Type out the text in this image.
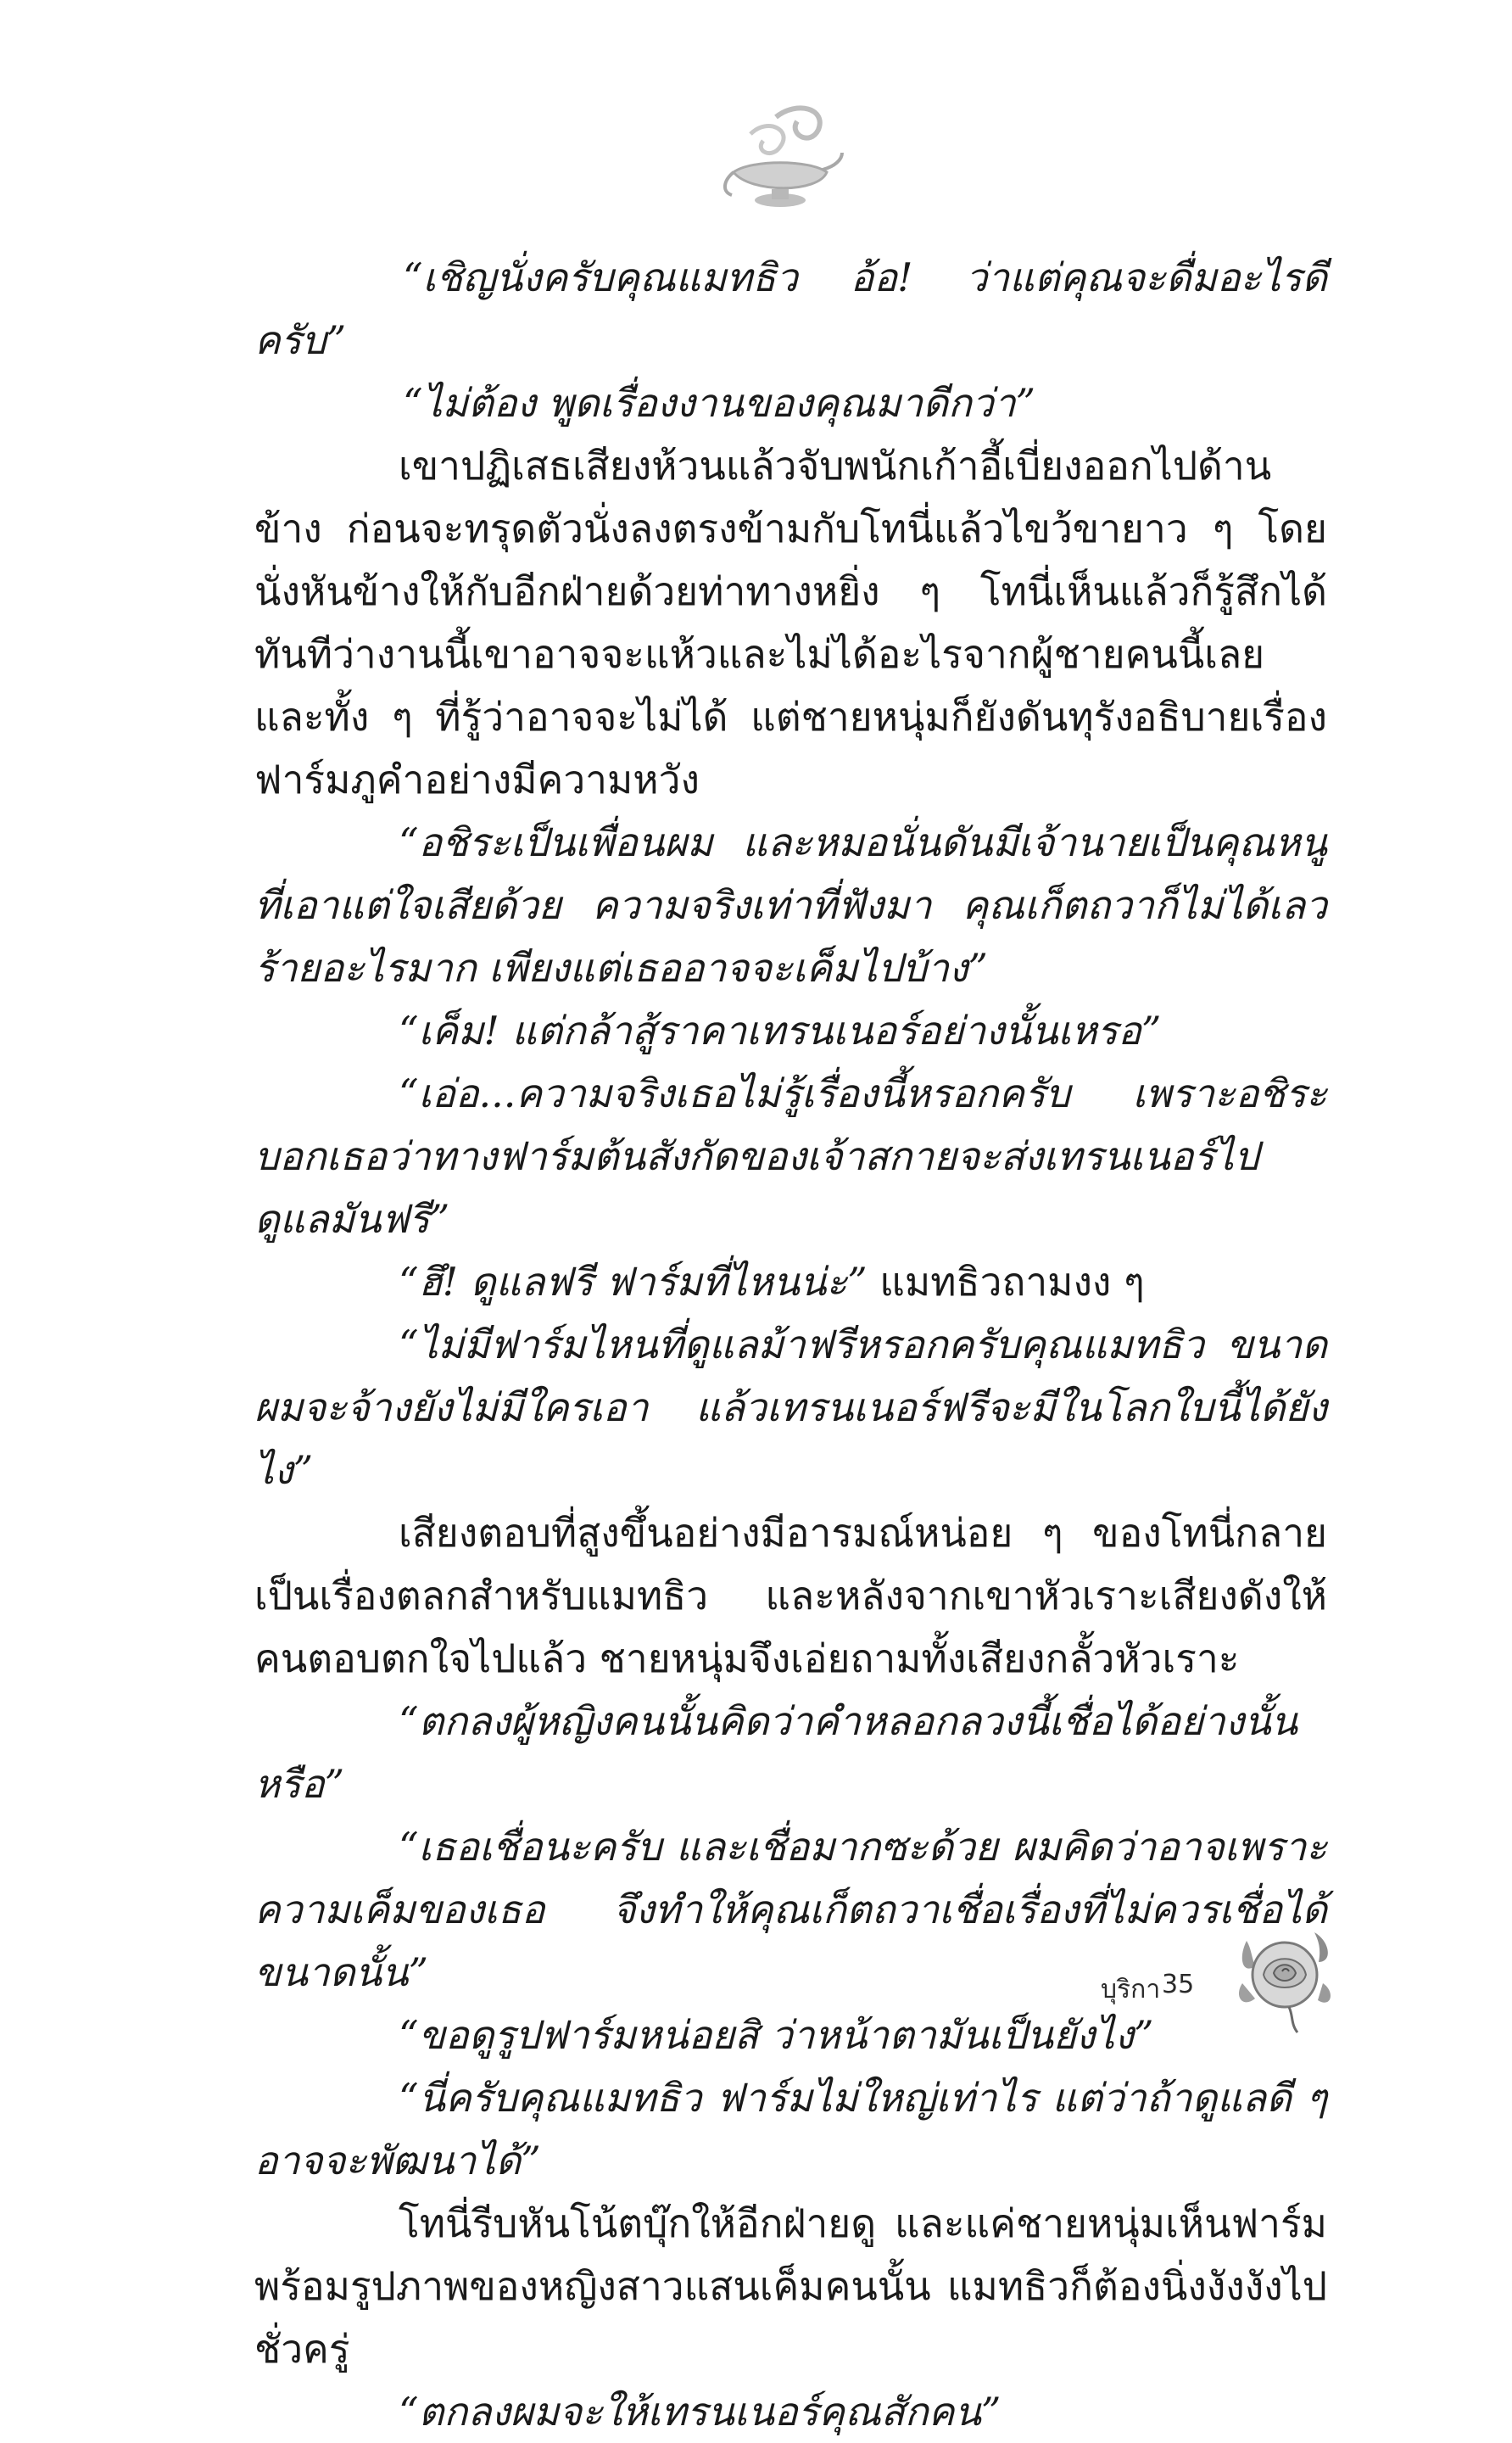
“เชิญนั่งครับคุณแมทธิว อ้อ! ว่าแต่คุณจะดื่มอะไรดีครับ”

“ไม่ต้อง พูดเรื่องงานของคุณมาดีกว่า”

เขาปฏิเสธเสียงห้วนแล้วจับพนักเก้าอี้เบี่ยงออกไปด้านข้าง ก่อนจะทรุดตัวนั่งลงตรงข้ามกับโทนี่แล้วไขว้ขายาว ๆ โดยนั่งหันข้างให้กับอีกฝ่ายด้วยท่าทางหยิ่ง ๆ โทนี่เห็นแล้วก็รู้สึกได้ทันทีว่างานนี้เขาอาจจะแห้วและไม่ได้อะไรจากผู้ชายคนนี้เลย และทั้ง ๆ ที่รู้ว่าอาจจะไม่ได้ แต่ชายหนุ่มก็ยังดันทุรังอธิบายเรื่องฟาร์มภูคำอย่างมีความหวัง

“อชิระเป็นเพื่อนผม และหมอนั่นดันมีเจ้านายเป็นคุณหนูที่เอาแต่ใจเสียด้วย ความจริงเท่าที่ฟังมา คุณเก็ตถวาก็ไม่ได้เลวร้ายอะไรมาก เพียงแต่เธออาจจะเค็มไปบ้าง”

“เค็ม! แต่กล้าสู้ราคาเทรนเนอร์อย่างนั้นเหรอ”

“เอ่อ...ความจริงเธอไม่รู้เรื่องนี้หรอกครับ เพราะอชิระบอกเธอว่าทางฟาร์มต้นสังกัดของเจ้าสกายจะส่งเทรนเนอร์ไปดูแลมันฟรี”

“ฮึ! ดูแลฟรี ฟาร์มที่ไหนน่ะ” แมทธิวถามงง ๆ

“ไม่มีฟาร์มไหนที่ดูแลม้าฟรีหรอกครับคุณแมทธิว ขนาดผมจะจ้างยังไม่มีใครเอา แล้วเทรนเนอร์ฟรีจะมีในโลกใบนี้ได้ยังไง”

เสียงตอบที่สูงขึ้นอย่างมีอารมณ์หน่อย ๆ ของโทนี่กลายเป็นเรื่องตลกสำหรับแมทธิว และหลังจากเขาหัวเราะเสียงดังให้คนตอบตกใจไปแล้ว ชายหนุ่มจึงเอ่ยถามทั้งเสียงกลั้วหัวเราะ

“ตกลงผู้หญิงคนนั้นคิดว่าคำหลอกลวงนี้เชื่อได้อย่างนั้นหรือ”

“เธอเชื่อนะครับ และเชื่อมากซะด้วย ผมคิดว่าอาจเพราะความเค็มของเธอ จึงทำให้คุณเก็ตถวาเชื่อเรื่องที่ไม่ควรเชื่อได้ขนาดนั้น”

“ขอดูรูปฟาร์มหน่อยสิ ว่าหน้าตามันเป็นยังไง”

“นี่ครับคุณแมทธิว ฟาร์มไม่ใหญ่เท่าไร แต่ว่าถ้าดูแลดี ๆ อาจจะพัฒนาได้”

โทนี่รีบหันโน้ตบุ๊กให้อีกฝ่ายดู และแค่ชายหนุ่มเห็นฟาร์มพร้อมรูปภาพของหญิงสาวแสนเค็มคนนั้น แมทธิวก็ต้องนิ่งงังงังไปชั่วครู่

“ตกลงผมจะให้เทรนเนอร์คุณสักคน”

บุริกา 35
